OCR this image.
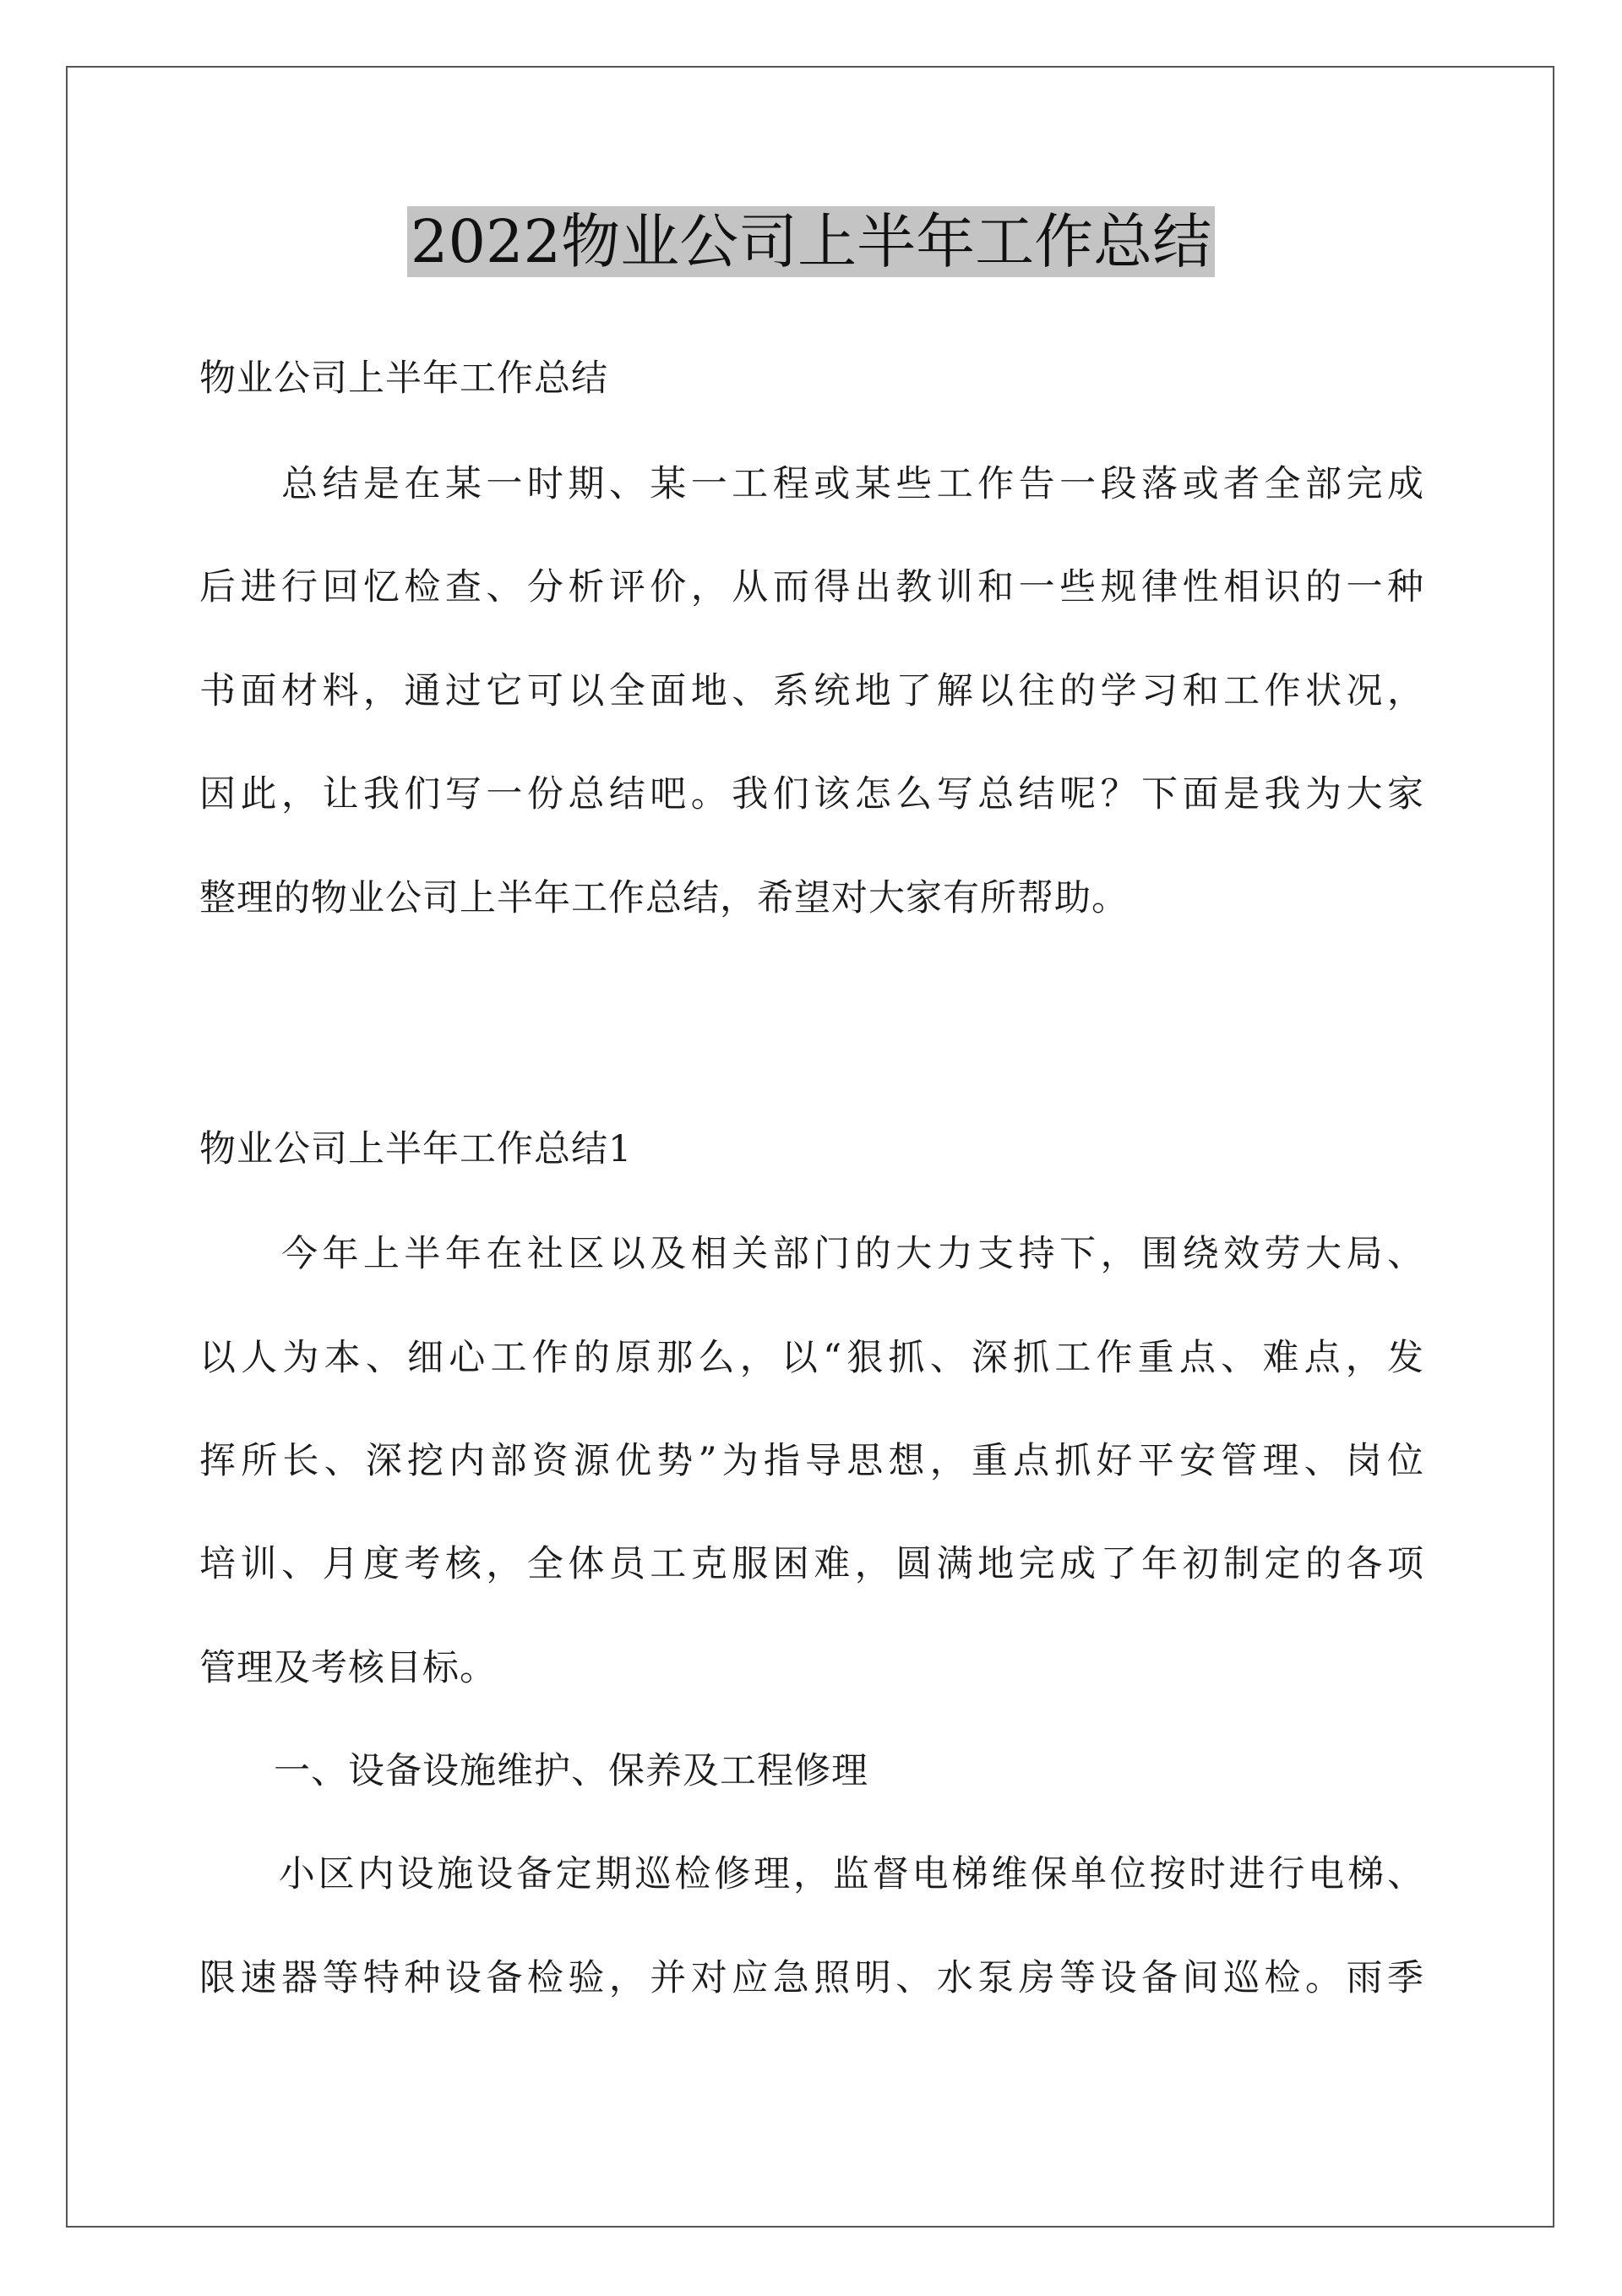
2022物业公司上半年工作总结
物业公司上半年工作总结
　　总结是在某一时期、某一工程或某些工作告一段落或者全部完成
后进行回忆检查、分析评价，从而得出教训和一些规律性相识的一种
书面材料，通过它可以全面地、系统地了解以往的学习和工作状况，
因此，让我们写一份总结吧。我们该怎么写总结呢？下面是我为大家
整理的物业公司上半年工作总结，希望对大家有所帮助。
物业公司上半年工作总结1
　　今年上半年在社区以及相关部门的大力支持下，围绕效劳大局、
以人为本、细心工作的原那么，以“狠抓、深抓工作重点、难点，发
挥所长、深挖内部资源优势”为指导思想，重点抓好平安管理、岗位
培训、月度考核，全体员工克服困难，圆满地完成了年初制定的各项
管理及考核目标。
　　一、设备设施维护、保养及工程修理
　　小区内设施设备定期巡检修理，监督电梯维保单位按时进行电梯、
限速器等特种设备检验，并对应急照明、水泵房等设备间巡检。雨季
